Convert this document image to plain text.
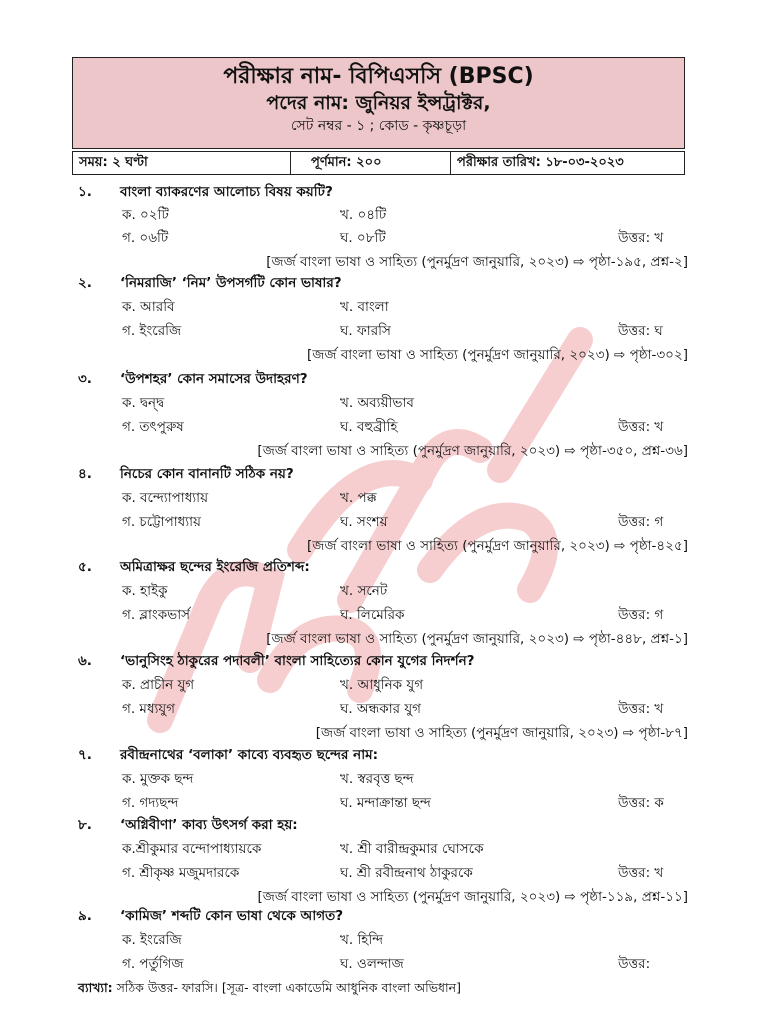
পরীক্ষার নাম- বিপিএসসি (BPSC)
পদের নাম: জুনিয়র ইন্সট্রাক্টর,
সেট নম্বর - ১ ; কোড - কৃষ্ণচূড়া
সময়: ২ ঘণ্টা	পূর্ণমান: ২০০	পরীক্ষার তারিখ: ১৮-০৩-২০২৩
১. বাংলা ব্যাকরণের আলোচ্য বিষয় কয়টি?
ক. ০২টি	খ. ০৪টি
গ. ০৬টি	ঘ. ০৮টি	উত্তর: খ
[জর্জ বাংলা ভাষা ও সাহিত্য (পুনর্মুদ্রণ জানুয়ারি, ২০২৩) ⇨ পৃষ্ঠা-১৯৫, প্রশ্ন-২]
২. ‘নিমরাজি’ ‘নিম’ উপসর্গটি কোন ভাষার?
ক. আরবি	খ. বাংলা
গ. ইংরেজি	ঘ. ফারসি	উত্তর: ঘ
[জর্জ বাংলা ভাষা ও সাহিত্য (পুনর্মুদ্রণ জানুয়ারি, ২০২৩) ⇨ পৃষ্ঠা-৩০২]
৩. ‘উপশহর’ কোন সমাসের উদাহরণ?
ক. দ্বন্দ্ব	খ. অব্যয়ীভাব
গ. তৎপুরুষ	ঘ. বহুব্রীহি	উত্তর: খ
[জর্জ বাংলা ভাষা ও সাহিত্য (পুনর্মুদ্রণ জানুয়ারি, ২০২৩) ⇨ পৃষ্ঠা-৩৫০, প্রশ্ন-৩৬]
৪. নিচের কোন বানানটি সঠিক নয়?
ক. বন্দ্যোপাধ্যায়	খ. পক্ক
গ. চট্টোপাধ্যায়	ঘ. সংশয়	উত্তর: গ
[জর্জ বাংলা ভাষা ও সাহিত্য (পুনর্মুদ্রণ জানুয়ারি, ২০২৩) ⇨ পৃষ্ঠা-৪২৫]
৫. অমিত্রাক্ষর ছন্দের ইংরেজি প্রতিশব্দ:
ক. হাইকু	খ. সনেট
গ. ব্লাংকভার্স	ঘ. লিমেরিক	উত্তর: গ
[জর্জ বাংলা ভাষা ও সাহিত্য (পুনর্মুদ্রণ জানুয়ারি, ২০২৩) ⇨ পৃষ্ঠা-৪৪৮, প্রশ্ন-১]
৬. ‘ভানুসিংহ ঠাকুরের পদাবলী’ বাংলা সাহিত্যের কোন যুগের নিদর্শন?
ক. প্রাচীন যুগ	খ. আধুনিক যুগ
গ. মধ্যযুগ	ঘ. অন্ধকার যুগ	উত্তর: খ
[জর্জ বাংলা ভাষা ও সাহিত্য (পুনর্মুদ্রণ জানুয়ারি, ২০২৩) ⇨ পৃষ্ঠা-৮৭]
৭. রবীন্দ্রনাথের ‘বলাকা’ কাব্যে ব্যবহৃত ছন্দের নাম:
ক. মুক্তক ছন্দ	খ. স্বরবৃত্ত ছন্দ
গ. গদ্যছন্দ	ঘ. মন্দাক্রান্তা ছন্দ	উত্তর: ক
৮. ‘অগ্নিবীণা’ কাব্য উৎসর্গ করা হয়:
ক.শ্রীকুমার বন্দোপাধ্যায়কে	খ. শ্রী বারীন্দ্রকুমার ঘোসকে
গ. শ্রীকৃষ্ণ মজুমদারকে	ঘ. শ্রী রবীন্দ্রনাথ ঠাকুরকে	উত্তর: খ
[জর্জ বাংলা ভাষা ও সাহিত্য (পুনর্মুদ্রণ জানুয়ারি, ২০২৩) ⇨ পৃষ্ঠা-১১৯, প্রশ্ন-১১]
৯. ‘কামিজ’ শব্দটি কোন ভাষা থেকে আগত?
ক. ইংরেজি	খ. হিন্দি
গ. পর্তুগিজ	ঘ. ওলন্দাজ	উত্তর:
ব্যাখ্যা: সঠিক উত্তর- ফারসি। [সূত্র- বাংলা একাডেমি আধুনিক বাংলা অভিধান]
